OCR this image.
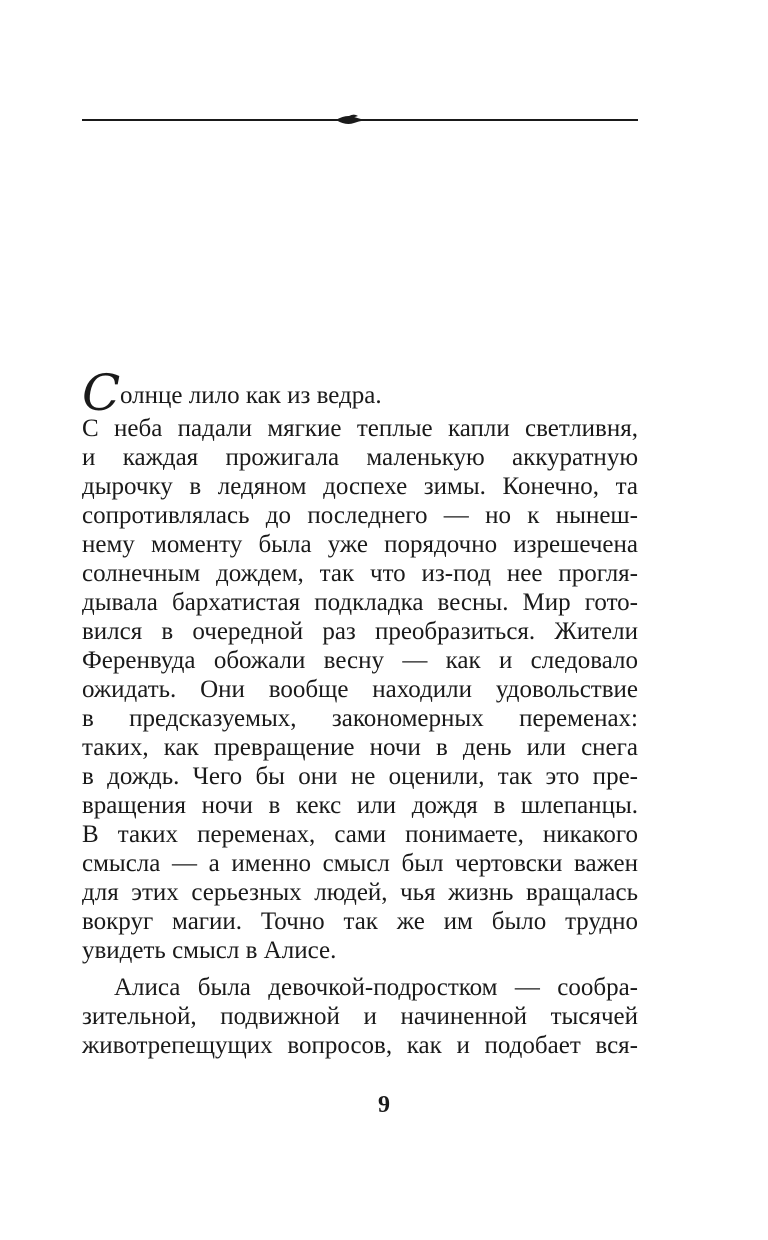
С олнце лило как из ведра.
С неба падали мягкие теплые капли светливня,
и каждая прожигала маленькую аккуратную
дырочку в ледяном доспехе зимы. Конечно, та
сопротивлялась до последнего — но к нынеш-
нему моменту была уже порядочно изрешечена
солнечным дождем, так что из-под нее прогля-
дывала бархатистая подкладка весны. Мир гото-
вился в очередной раз преобразиться. Жители
Ференвуда обожали весну — как и следовало
ожидать. Они вообще находили удовольствие
в предсказуемых, закономерных переменах:
таких, как превращение ночи в день или снега
в дождь. Чего бы они не оценили, так это пре-
вращения ночи в кекс или дождя в шлепанцы.
В таких переменах, сами понимаете, никакого
смысла — а именно смысл был чертовски важен
для этих серьезных людей, чья жизнь вращалась
вокруг магии. Точно так же им было трудно
увидеть смысл в Алисе.
Алиса была девочкой-подростком — сообра-
зительной, подвижной и начиненной тысячей
животрепещущих вопросов, как и подобает вся-
9
